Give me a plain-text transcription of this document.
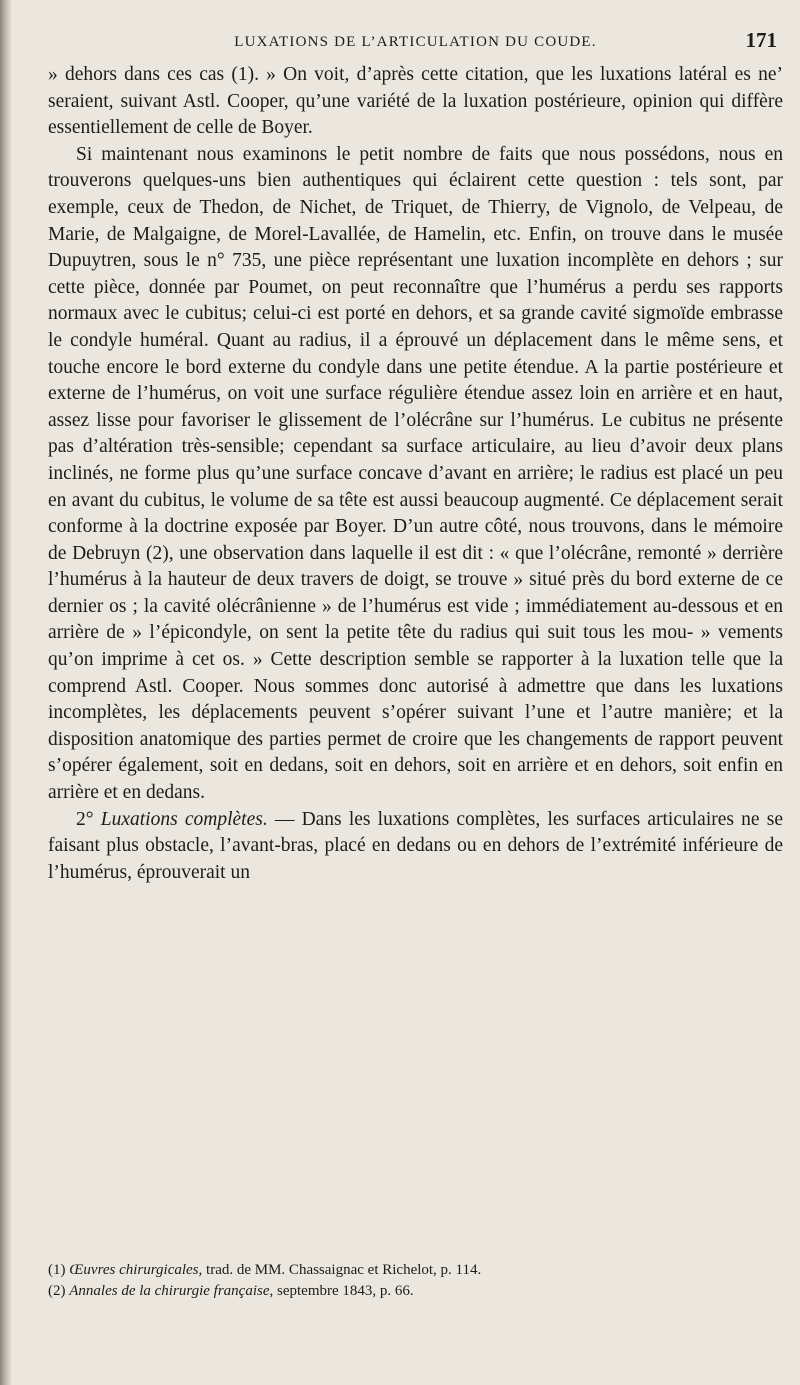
LUXATIONS DE L’ARTICULATION DU COUDE.	171

» dehors dans ces cas (1). » On voit, d’après cette citation, que les luxations latéral es ne’ seraient, suivant Astl. Cooper, qu’une variété de la luxation postérieure, opinion qui diffère essentiellement de celle de Boyer.

Si maintenant nous examinons le petit nombre de faits que nous possédons, nous en trouverons quelques-uns bien authentiques qui éclairent cette question : tels sont, par exemple, ceux de Thedon, de Nichet, de Triquet, de Thierry, de Vignolo, de Velpeau, de Marie, de Malgaigne, de Morel-Lavallée, de Hamelin, etc. Enfin, on trouve dans le musée Dupuytren, sous le n° 735, une pièce représentant une luxation incomplète en dehors ; sur cette pièce, donnée par Poumet, on peut reconnaître que l’humérus a perdu ses rapports normaux avec le cubitus; celui-ci est porté en dehors, et sa grande cavité sigmoïde embrasse le condyle huméral. Quant au radius, il a éprouvé un déplacement dans le même sens, et touche encore le bord externe du condyle dans une petite étendue. A la partie postérieure et externe de l’humérus, on voit une surface régulière étendue assez loin en arrière et en haut, assez lisse pour favoriser le glissement de l’olécrâne sur l’humérus. Le cubitus ne présente pas d’altération très-sensible; cependant sa surface articulaire, au lieu d’avoir deux plans inclinés, ne forme plus qu’une surface concave d’avant en arrière; le radius est placé un peu en avant du cubitus, le volume de sa tête est aussi beaucoup augmenté. Ce déplacement serait conforme à la doctrine exposée par Boyer. D’un autre côté, nous trouvons, dans le mémoire de Debruyn (2), une observation dans laquelle il est dit : « que l’olécrâne, remonté » derrière l’humérus à la hauteur de deux travers de doigt, se trouve » situé près du bord externe de ce dernier os ; la cavité olécrânienne » de l’humérus est vide ; immédiatement au-dessous et en arrière de » l’épicondyle, on sent la petite tête du radius qui suit tous les mou- » vements qu’on imprime à cet os. » Cette description semble se rapporter à la luxation telle que la comprend Astl. Cooper. Nous sommes donc autorisé à admettre que dans les luxations incomplètes, les déplacements peuvent s’opérer suivant l’une et l’autre manière; et la disposition anatomique des parties permet de croire que les changements de rapport peuvent s’opérer également, soit en dedans, soit en dehors, soit en arrière et en dehors, soit enfin en arrière et en dedans.

2° Luxations complètes. — Dans les luxations complètes, les surfaces articulaires ne se faisant plus obstacle, l’avant-bras, placé en dedans ou en dehors de l’extrémité inférieure de l’humérus, éprouverait un

(1) Œuvres chirurgicales, trad. de MM. Chassaignac et Richelot, p. 114.

(2) Annales de la chirurgie française, septembre 1843, p. 66.
